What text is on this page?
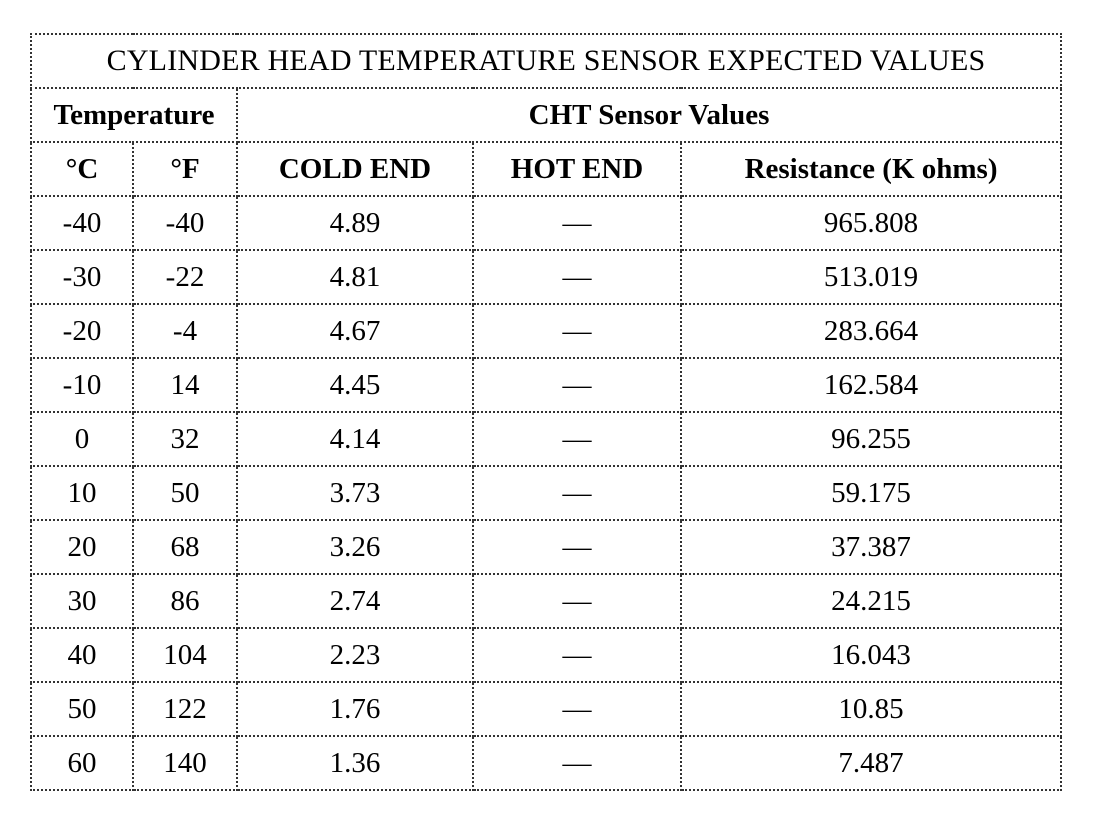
CYLINDER HEAD TEMPERATURE SENSOR EXPECTED VALUES				
Temperature		CHT Sensor Values		
°C	°F	COLD END	HOT END	Resistance (K ohms)
-40	-40	4.89	—	965.808
-30	-22	4.81	—	513.019
-20	-4	4.67	—	283.664
-10	14	4.45	—	162.584
0	32	4.14	—	96.255
10	50	3.73	—	59.175
20	68	3.26	—	37.387
30	86	2.74	—	24.215
40	104	2.23	—	16.043
50	122	1.76	—	10.85
60	140	1.36	—	7.487
